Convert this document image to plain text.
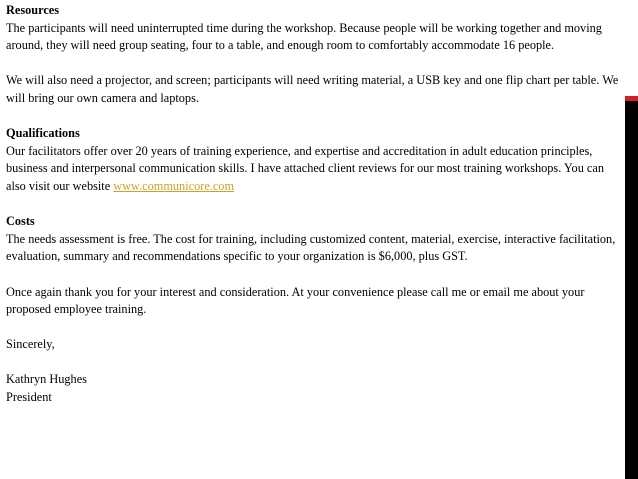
Resources

The participants will need uninterrupted time during the workshop. Because people will be working together and moving around, they will need group seating, four to a table, and enough room to comfortably accommodate 16 people.

We will also need a projector, and screen; participants will need writing material, a USB key and one flip chart per table. We will bring our own camera and laptops.

Qualifications

Our facilitators offer over 20 years of training experience, and expertise and accreditation in adult education principles, business and interpersonal communication skills. I have attached client reviews for our most training workshops. You can also visit our website www.communicore.com

Costs

The needs assessment is free. The cost for training, including customized content, material, exercise, interactive facilitation, evaluation, summary and recommendations specific to your organization is $6,000, plus GST.

Once again thank you for your interest and consideration. At your convenience please call me or email me about your proposed employee training.

Sincerely,

Kathryn Hughes

President
